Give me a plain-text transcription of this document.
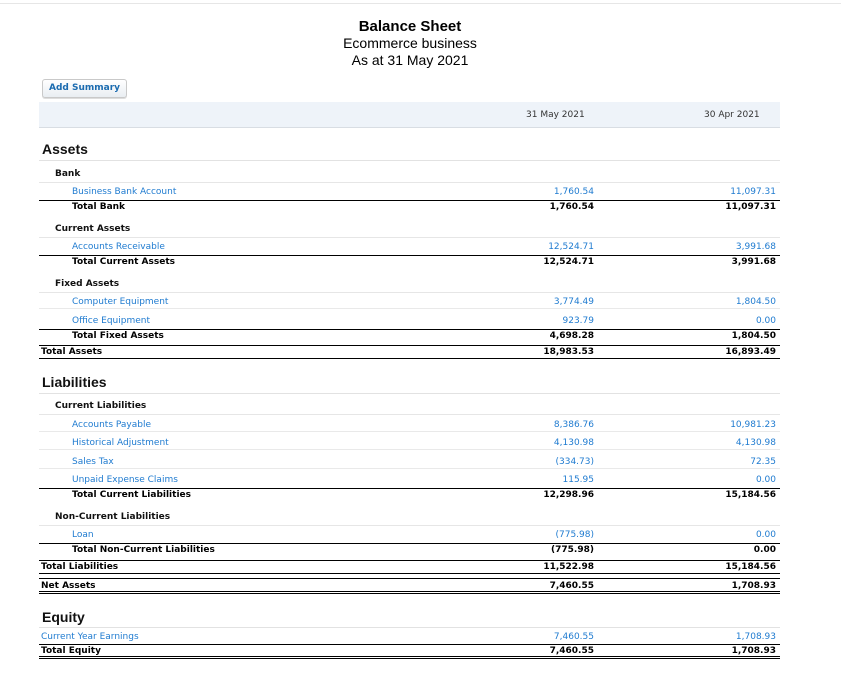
Balance Sheet
Ecommerce business
As at 31 May 2021
Add Summary
31 May 2021	30 Apr 2021
Assets
Bank
Business Bank Account	1,760.54	11,097.31
Total Bank	1,760.54	11,097.31
Current Assets
Accounts Receivable	12,524.71	3,991.68
Total Current Assets	12,524.71	3,991.68
Fixed Assets
Computer Equipment	3,774.49	1,804.50
Office Equipment	923.79	0.00
Total Fixed Assets	4,698.28	1,804.50
Total Assets	18,983.53	16,893.49
Liabilities
Current Liabilities
Accounts Payable	8,386.76	10,981.23
Historical Adjustment	4,130.98	4,130.98
Sales Tax	(334.73)	72.35
Unpaid Expense Claims	115.95	0.00
Total Current Liabilities	12,298.96	15,184.56
Non-Current Liabilities
Loan	(775.98)	0.00
Total Non-Current Liabilities	(775.98)	0.00
Total Liabilities	11,522.98	15,184.56
Net Assets	7,460.55	1,708.93
Equity
Current Year Earnings	7,460.55	1,708.93
Total Equity	7,460.55	1,708.93
